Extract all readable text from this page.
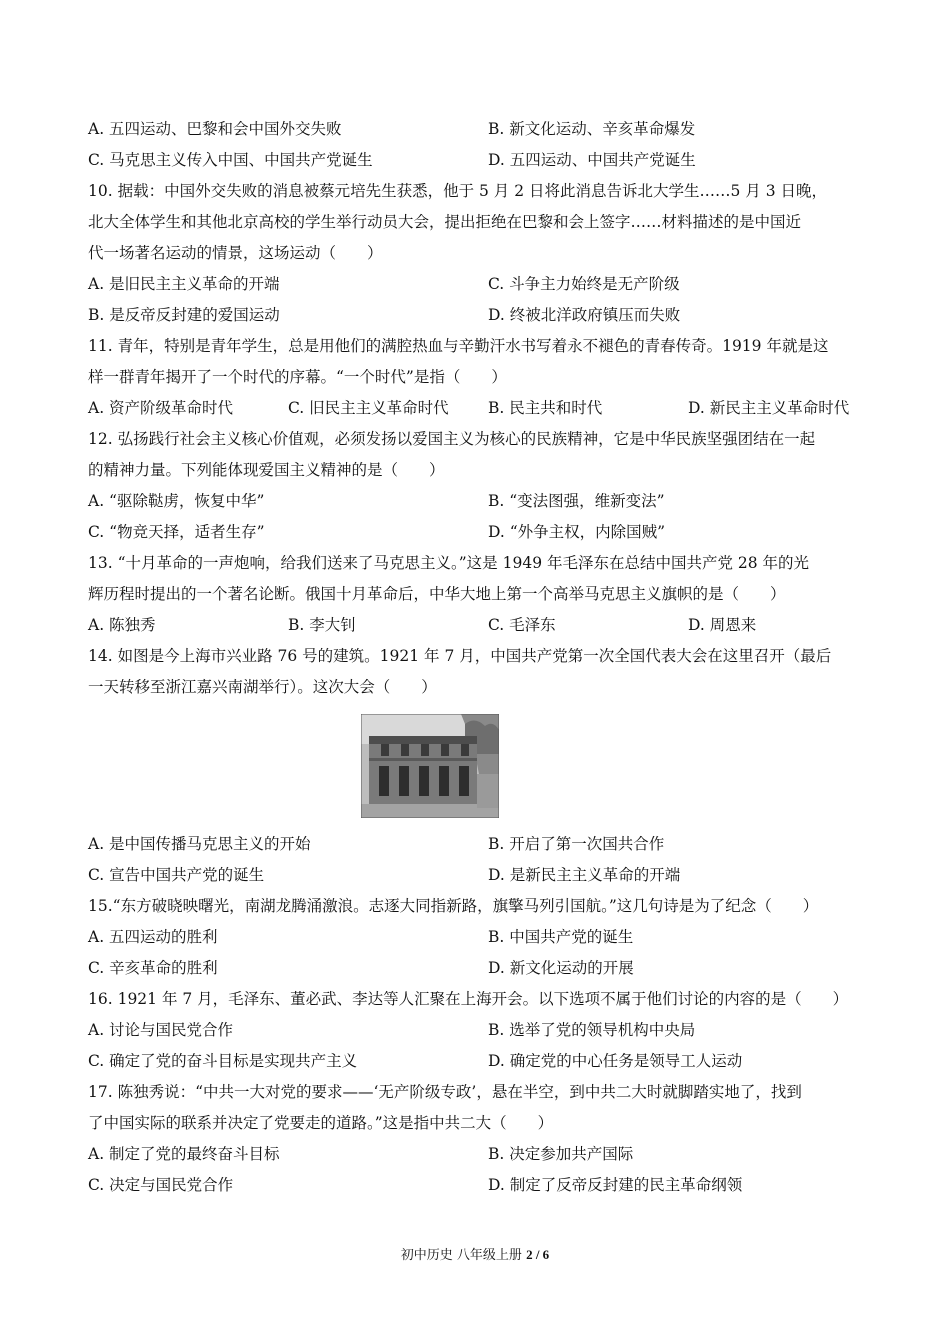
A. 五四运动、巴黎和会中国外交失败	B. 新文化运动、辛亥革命爆发
C. 马克思主义传入中国、中国共产党诞生	D. 五四运动、中国共产党诞生
10. 据载：中国外交失败的消息被蔡元培先生获悉，他于 5 月 2 日将此消息告诉北大学生……5 月 3 日晚，
北大全体学生和其他北京高校的学生举行动员大会，提出拒绝在巴黎和会上签字……材料描述的是中国近
代一场著名运动的情景，这场运动（　　）
A. 是旧民主主义革命的开端	C. 斗争主力始终是无产阶级
B. 是反帝反封建的爱国运动	D. 终被北洋政府镇压而失败
11. 青年，特别是青年学生，总是用他们的满腔热血与辛勤汗水书写着永不褪色的青春传奇。1919 年就是这
样一群青年揭开了一个时代的序幕。“一个时代”是指（　　）
A. 资产阶级革命时代	C. 旧民主主义革命时代	B. 民主共和时代	D. 新民主主义革命时代
12. 弘扬践行社会主义核心价值观，必须发扬以爱国主义为核心的民族精神，它是中华民族坚强团结在一起
的精神力量。下列能体现爱国主义精神的是（　　）
A. “驱除鞑虏，恢复中华”	B. “变法图强，维新变法”
C. “物竞天择，适者生存”	D. “外争主权，内除国贼”
13. “十月革命的一声炮响，给我们送来了马克思主义。”这是 1949 年毛泽东在总结中国共产党 28 年的光
辉历程时提出的一个著名论断。俄国十月革命后，中华大地上第一个高举马克思主义旗帜的是（　　）
A. 陈独秀	B. 李大钊	C. 毛泽东	D. 周恩来
14. 如图是今上海市兴业路 76 号的建筑。1921 年 7 月，中国共产党第一次全国代表大会在这里召开（最后
一天转移至浙江嘉兴南湖举行）。这次大会（　　）
A. 是中国传播马克思主义的开始	B. 开启了第一次国共合作
C. 宣告中国共产党的诞生	D. 是新民主主义革命的开端
15.“东方破晓映曙光，南湖龙腾涌激浪。志逐大同指新路，旗擎马列引国航。”这几句诗是为了纪念（　　）
A. 五四运动的胜利	B. 中国共产党的诞生
C. 辛亥革命的胜利	D. 新文化运动的开展
16. 1921 年 7 月，毛泽东、董必武、李达等人汇聚在上海开会。以下选项不属于他们讨论的内容的是（　　）
A. 讨论与国民党合作	B. 选举了党的领导机构中央局
C. 确定了党的奋斗目标是实现共产主义	D. 确定党的中心任务是领导工人运动
17. 陈独秀说：“中共一大对党的要求——‘无产阶级专政’，悬在半空，到中共二大时就脚踏实地了，找到
了中国实际的联系并决定了党要走的道路。”这是指中共二大（　　）
A. 制定了党的最终奋斗目标	B. 决定参加共产国际
C. 决定与国民党合作	D. 制定了反帝反封建的民主革命纲领
初中历史 八年级上册 2 / 6
